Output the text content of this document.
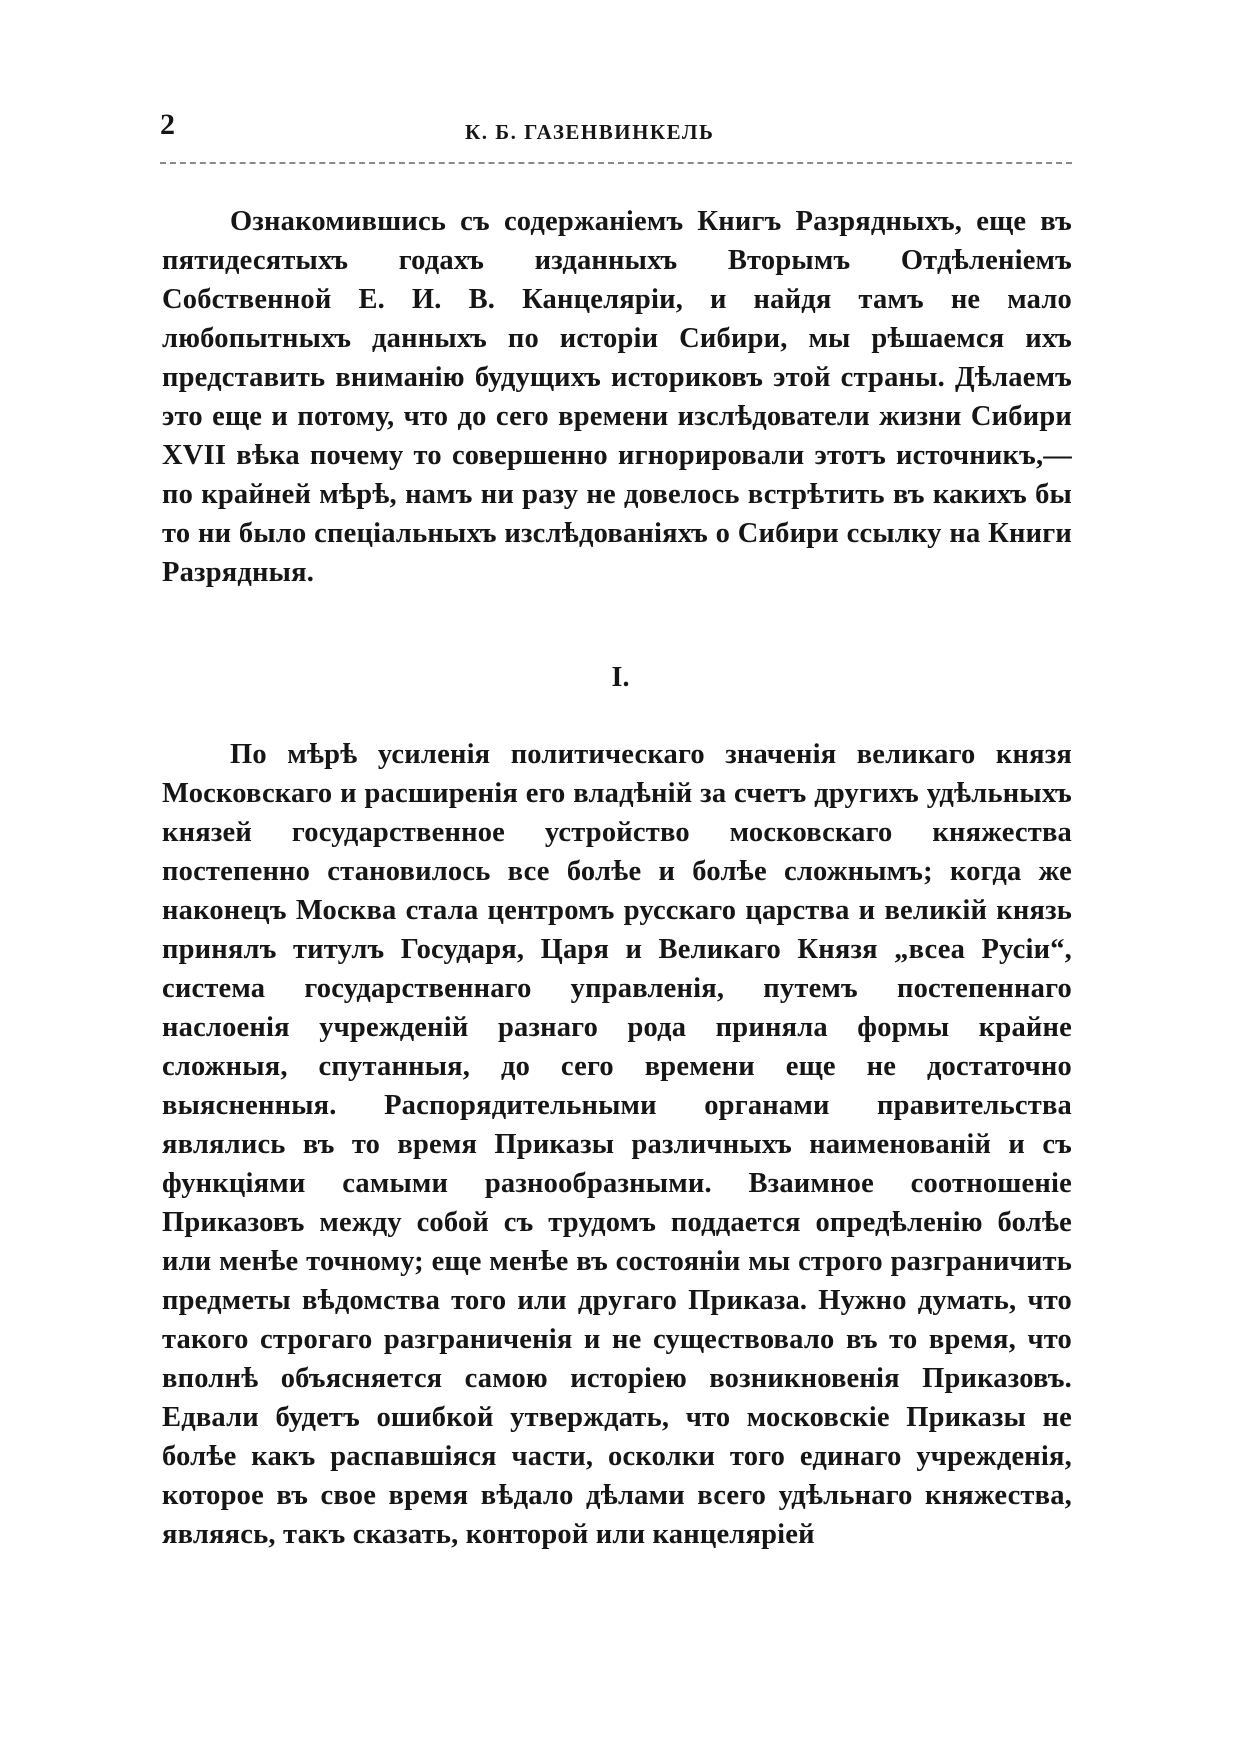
2	К. Б. ГАЗЕНВИНКЕЛЬ

Ознакомившись съ содержаніемъ Книгъ Разрядныхъ, еще въ пятидесятыхъ годахъ изданныхъ Вторымъ Отдѣленіемъ Собственной Е. И. В. Канцеляріи, и найдя тамъ не мало любопытныхъ данныхъ по исторіи Сибири, мы рѣшаемся ихъ представить вниманію будущихъ историковъ этой страны. Дѣлаемъ это еще и потому, что до сего времени изслѣдователи жизни Сибири XVII вѣка почему то совершенно игнорировали этотъ источникъ,—по крайней мѣрѣ, намъ ни разу не довелось встрѣтить въ какихъ бы то ни было спеціальныхъ изслѣдованіяхъ о Сибири ссылку на Книги Разрядныя.

I.

По мѣрѣ усиленія политическаго значенія великаго князя Московскаго и расширенія его владѣній за счетъ другихъ удѣльныхъ князей государственное устройство московскаго княжества постепенно становилось все болѣе и болѣе сложнымъ; когда же наконецъ Москва стала центромъ русскаго царства и великій князь принялъ титулъ Государя, Царя и Великаго Князя „всеа Русіи“, система государственнаго управленія, путемъ постепеннаго наслоенія учрежденій разнаго рода приняла формы крайне сложныя, спутанныя, до сего времени еще не достаточно выясненныя. Распорядительными органами правительства являлись въ то время Приказы различныхъ наименованій и съ функціями самыми разнообразными. Взаимное соотношеніе Приказовъ между собой съ трудомъ поддается опредѣленію болѣе или менѣе точному; еще менѣе въ состояніи мы строго разграничить предметы вѣдомства того или другаго Приказа. Нужно думать, что такого строгаго разграниченія и не существовало въ то время, что вполнѣ объясняется самою исторіею возникновенія Приказовъ. Едвали будетъ ошибкой утверждать, что московскіе Приказы не болѣе какъ распавшіяся части, осколки того единаго учрежденія, которое въ свое время вѣдало дѣлами всего удѣльнаго княжества, являясь, такъ сказать, конторой или канцеляріей
